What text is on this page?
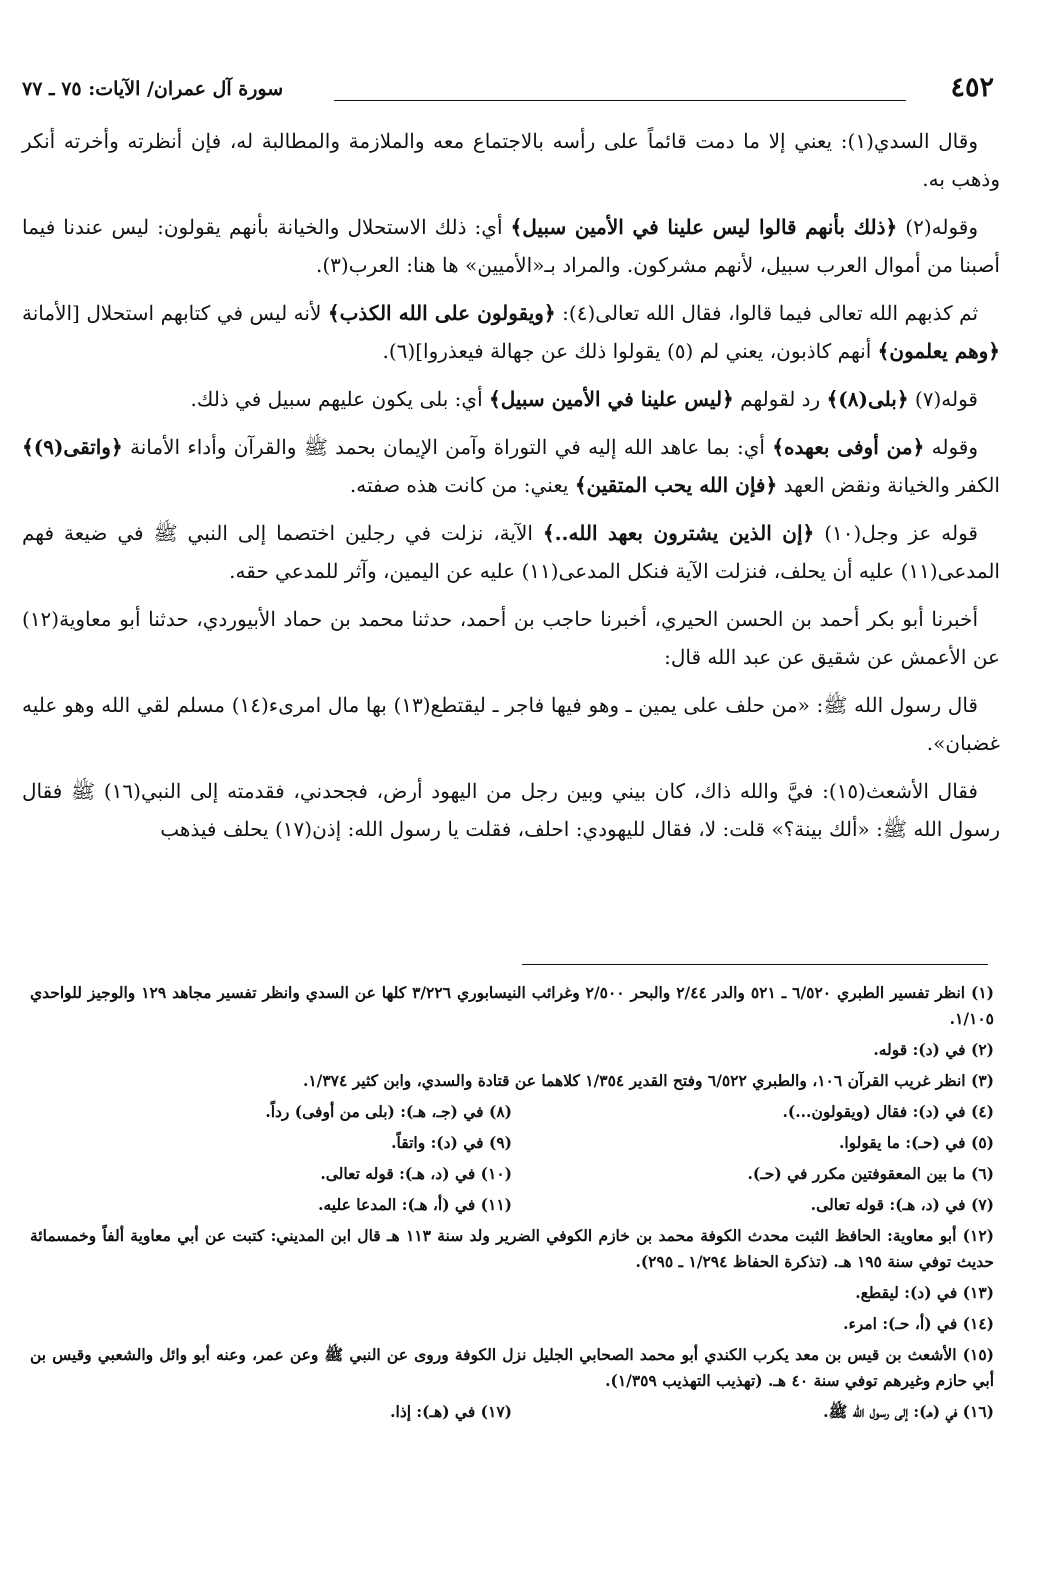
٤٥٢
سورة آل عمران/ الآيات: ٧٥ ـ ٧٧

وقال السدي(١): يعني إلا ما دمت قائماً على رأسه بالاجتماع معه والملازمة والمطالبة له، فإن أنظرته وأخرته أنكر وذهب به.

وقوله(٢) ﴿ذلك بأنهم قالوا ليس علينا في الأمين سبيل﴾ أي: ذلك الاستحلال والخيانة بأنهم يقولون: ليس عندنا فيما أصبنا من أموال العرب سبيل، لأنهم مشركون. والمراد بـ«الأميين» ها هنا: العرب(٣).

ثم كذبهم الله تعالى فيما قالوا، فقال الله تعالى(٤): ﴿ويقولون على الله الكذب﴾ لأنه ليس في كتابهم استحلال [الأمانة ﴿وهم يعلمون﴾ أنهم كاذبون، يعني لم (٥) يقولوا ذلك عن جهالة فيعذروا](٦).

قوله(٧) ﴿بلى(٨)﴾ رد لقولهم ﴿ليس علينا في الأمين سبيل﴾ أي: بلى يكون عليهم سبيل في ذلك.

وقوله ﴿من أوفى بعهده﴾ أي: بما عاهد الله إليه في التوراة وآمن الإيمان بحمد ﷺ والقرآن وأداء الأمانة ﴿واتقى(٩)﴾ الكفر والخيانة ونقض العهد ﴿فإن الله يحب المتقين﴾ يعني: من كانت هذه صفته.

قوله عز وجل(١٠) ﴿إن الذين يشترون بعهد الله..﴾ الآية، نزلت في رجلين اختصما إلى النبي ﷺ في ضيعة فهم المدعى(١١) عليه أن يحلف، فنزلت الآية فنكل المدعى(١١) عليه عن اليمين، وآثر للمدعي حقه.

أخبرنا أبو بكر أحمد بن الحسن الحيري، أخبرنا حاجب بن أحمد، حدثنا محمد بن حماد الأبيوردي، حدثنا أبو معاوية(١٢) عن الأعمش عن شقيق عن عبد الله قال:

قال رسول الله ﷺ: «من حلف على يمين ـ وهو فيها فاجر ـ ليقتطع(١٣) بها مال امرىء(١٤) مسلم لقي الله وهو عليه غضبان».

فقال الأشعث(١٥): فيَّ والله ذاك، كان بيني وبين رجل من اليهود أرض، فجحدني، فقدمته إلى النبي(١٦) ﷺ فقال رسول الله ﷺ: «ألك بينة؟» قلت: لا، فقال لليهودي: احلف، فقلت يا رسول الله: إذن(١٧) يحلف فيذهب

(١) انظر تفسير الطبري ٦/٥٢٠ ـ ٥٢١ والدر ٢/٤٤ والبحر ٢/٥٠٠ وغرائب النيسابوري ٣/٢٢٦ كلها عن السدي وانظر تفسير مجاهد ١٢٩ والوجيز للواحدي ١/١٠٥.

(٢) في (د): قوله.

(٣) انظر غريب القرآن ١٠٦، والطبري ٦/٥٢٢ وفتح القدير ١/٣٥٤ كلاهما عن قتادة والسدي، وابن كثير ١/٣٧٤.

(٤) في (د): فقال (ويقولون...).

(٨) في (جـ، هـ): (بلى من أوفى) رداً.

(٥) في (حـ): ما يقولوا.

(٩) في (د): واتقاً.

(٦) ما بين المعقوفتين مكرر في (حـ).

(١٠) في (د، هـ): قوله تعالى.

(٧) في (د، هـ): قوله تعالى.

(١١) في (أ، هـ): المدعا عليه.

(١٢) أبو معاوية: الحافظ الثبت محدث الكوفة محمد بن خازم الكوفي الضرير ولد سنة ١١٣ هـ قال ابن المديني: كتبت عن أبي معاوية ألفاً وخمسمائة حديث توفي سنة ١٩٥ هـ. (تذكرة الحفاظ ١/٢٩٤ ـ ٢٩٥).

(١٣) في (د): ليقطع.

(١٤) في (أ، حـ): امرء.

(١٥) الأشعث بن قيس بن معد يكرب الكندي أبو محمد الصحابي الجليل نزل الكوفة وروى عن النبي ﷺ وعن عمر، وعنه أبو وائل والشعبي وقيس بن أبي حازم وغيرهم توفي سنة ٤٠ هـ. (تهذيب التهذيب ١/٣٥٩).

(١٦) في (هـ): إلى رسول الله ﷺ.

(١٧) في (هـ): إذا.
